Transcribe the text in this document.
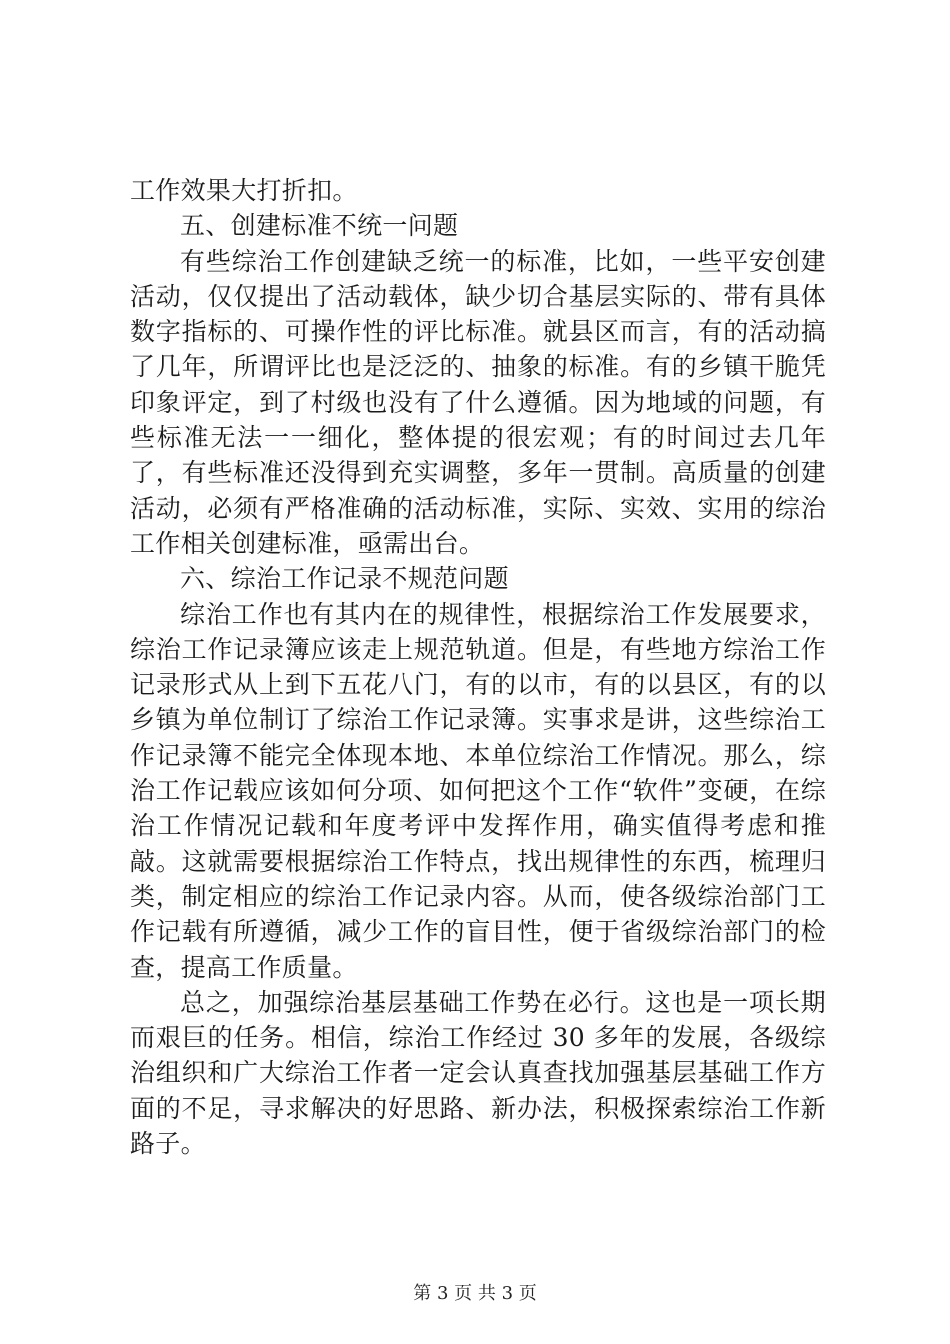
工作效果大打折扣。

五、创建标准不统一问题

有些综治工作创建缺乏统一的标准，比如，一些平安创建活动，仅仅提出了活动载体，缺少切合基层实际的、带有具体数字指标的、可操作性的评比标准。就县区而言，有的活动搞了几年，所谓评比也是泛泛的、抽象的标准。有的乡镇干脆凭印象评定，到了村级也没有了什么遵循。因为地域的问题，有些标准无法一一细化，整体提的很宏观；有的时间过去几年了，有些标准还没得到充实调整，多年一贯制。高质量的创建活动，必须有严格准确的活动标准，实际、实效、实用的综治工作相关创建标准，亟需出台。

六、综治工作记录不规范问题

综治工作也有其内在的规律性，根据综治工作发展要求，综治工作记录簿应该走上规范轨道。但是，有些地方综治工作记录形式从上到下五花八门，有的以市，有的以县区，有的以乡镇为单位制订了综治工作记录簿。实事求是讲，这些综治工作记录簿不能完全体现本地、本单位综治工作情况。那么，综治工作记载应该如何分项、如何把这个工作“软件”变硬，在综治工作情况记载和年度考评中发挥作用，确实值得考虑和推敲。这就需要根据综治工作特点，找出规律性的东西，梳理归类，制定相应的综治工作记录内容。从而，使各级综治部门工作记载有所遵循，减少工作的盲目性，便于省级综治部门的检查，提高工作质量。

总之，加强综治基层基础工作势在必行。这也是一项长期而艰巨的任务。相信，综治工作经过 30 多年的发展，各级综治组织和广大综治工作者一定会认真查找加强基层基础工作方面的不足，寻求解决的好思路、新办法，积极探索综治工作新路子。

第 3 页 共 3 页
